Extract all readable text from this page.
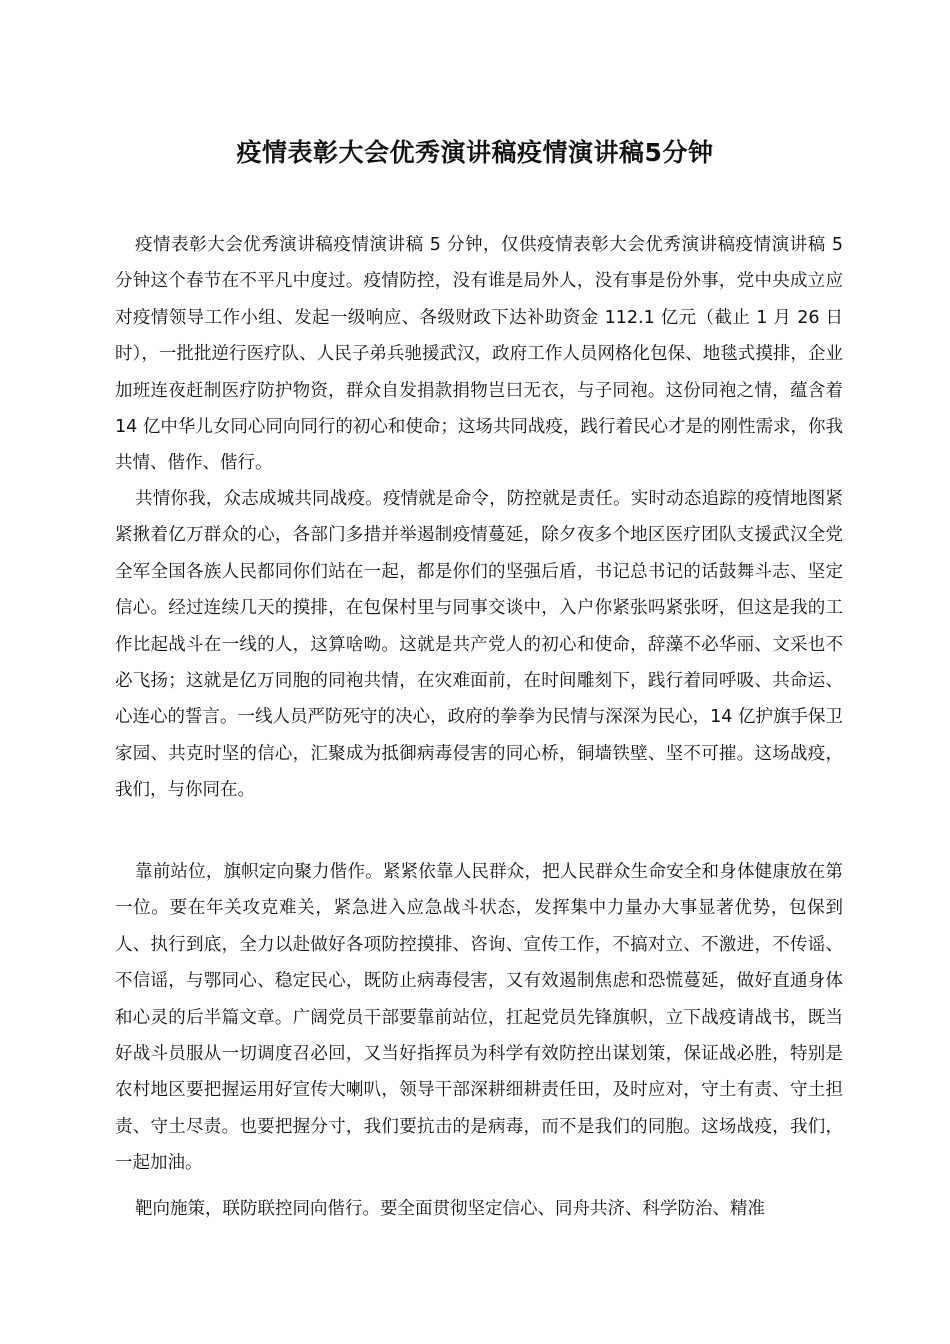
疫情表彰大会优秀演讲稿疫情演讲稿5分钟

疫情表彰大会优秀演讲稿疫情演讲稿 5 分钟，仅供疫情表彰大会优秀演讲稿疫情演讲稿 5 分钟这个春节在不平凡中度过。疫情防控，没有谁是局外人，没有事是份外事，党中央成立应对疫情领导工作小组、发起一级响应、各级财政下达补助资金 112.1 亿元（截止 1 月 26 日时），一批批逆行医疗队、人民子弟兵驰援武汉，政府工作人员网格化包保、地毯式摸排，企业加班连夜赶制医疗防护物资，群众自发捐款捐物岂曰无衣，与子同袍。这份同袍之情，蕴含着 14 亿中华儿女同心同向同行的初心和使命；这场共同战疫，践行着民心才是的刚性需求，你我共情、偕作、偕行。

共情你我，众志成城共同战疫。疫情就是命令，防控就是责任。实时动态追踪的疫情地图紧紧揪着亿万群众的心，各部门多措并举遏制疫情蔓延，除夕夜多个地区医疗团队支援武汉全党全军全国各族人民都同你们站在一起，都是你们的坚强后盾，书记总书记的话鼓舞斗志、坚定信心。经过连续几天的摸排，在包保村里与同事交谈中，入户你紧张吗紧张呀，但这是我的工作比起战斗在一线的人，这算啥呦。这就是共产党人的初心和使命，辞藻不必华丽、文采也不必飞扬；这就是亿万同胞的同袍共情，在灾难面前，在时间雕刻下，践行着同呼吸、共命运、心连心的誓言。一线人员严防死守的决心，政府的拳拳为民情与深深为民心，14 亿护旗手保卫家园、共克时坚的信心，汇聚成为抵御病毒侵害的同心桥，铜墙铁壁、坚不可摧。这场战疫，我们，与你同在。

靠前站位，旗帜定向聚力偕作。紧紧依靠人民群众，把人民群众生命安全和身体健康放在第一位。要在年关攻克难关，紧急进入应急战斗状态，发挥集中力量办大事显著优势，包保到人、执行到底，全力以赴做好各项防控摸排、咨询、宣传工作，不搞对立、不激进，不传谣、不信谣，与鄂同心、稳定民心，既防止病毒侵害，又有效遏制焦虑和恐慌蔓延，做好直通身体和心灵的后半篇文章。广阔党员干部要靠前站位，扛起党员先锋旗帜，立下战疫请战书，既当好战斗员服从一切调度召必回，又当好指挥员为科学有效防控出谋划策，保证战必胜，特别是农村地区要把握运用好宣传大喇叭，领导干部深耕细耕责任田，及时应对，守土有责、守土担责、守土尽责。也要把握分寸，我们要抗击的是病毒，而不是我们的同胞。这场战疫，我们，一起加油。

靶向施策，联防联控同向偕行。要全面贯彻坚定信心、同舟共济、科学防治、精准
